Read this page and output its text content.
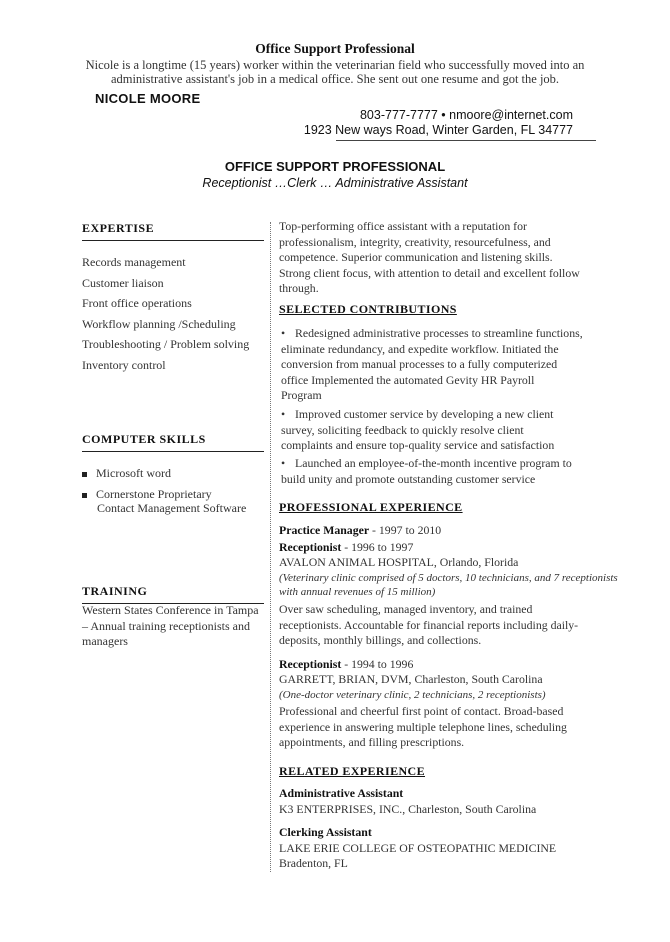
Office Support Professional
Nicole is a longtime (15 years) worker within the veterinarian field who successfully moved into an
administrative assistant's job in a medical office. She sent out one resume and got the job.
NICOLE MOORE
803-777-7777 • nmoore@internet.com
1923 New ways Road, Winter Garden, FL 34777
OFFICE SUPPORT PROFESSIONAL
Receptionist …Clerk … Administrative Assistant
EXPERTISE
Records management
Customer liaison
Front office operations
Workflow planning /Scheduling
Troubleshooting / Problem solving
Inventory control
COMPUTER SKILLS
Microsoft word
Cornerstone Proprietary
Contact Management Software
TRAINING
Western States Conference in Tampa
– Annual training receptionists and
managers
Top-performing office assistant with a reputation for
professionalism, integrity, creativity, resourcefulness, and
competence. Superior communication and listening skills.
Strong client focus, with attention to detail and excellent follow
through.
SELECTED CONTRIBUTIONS
• Redesigned administrative processes to streamline functions,
eliminate redundancy, and expedite workflow. Initiated the
conversion from manual processes to a fully computerized
office Implemented the automated Gevity HR Payroll
Program
• Improved customer service by developing a new client
survey, soliciting feedback to quickly resolve client
complaints and ensure top-quality service and satisfaction
• Launched an employee-of-the-month incentive program to
build unity and promote outstanding customer service
PROFESSIONAL EXPERIENCE
Practice Manager - 1997 to 2010
Receptionist - 1996 to 1997
AVALON ANIMAL HOSPITAL, Orlando, Florida
(Veterinary clinic comprised of 5 doctors, 10 technicians, and 7 receptionists
with annual revenues of 15 million)
Over saw scheduling, managed inventory, and trained
receptionists. Accountable for financial reports including daily-
deposits, monthly billings, and collections.
Receptionist - 1994 to 1996
GARRETT, BRIAN, DVM, Charleston, South Carolina
(One-doctor veterinary clinic, 2 technicians, 2 receptionists)
Professional and cheerful first point of contact. Broad-based
experience in answering multiple telephone lines, scheduling
appointments, and filling prescriptions.
RELATED EXPERIENCE
Administrative Assistant
K3 ENTERPRISES, INC., Charleston, South Carolina
Clerking Assistant
LAKE ERIE COLLEGE OF OSTEOPATHIC MEDICINE
Bradenton, FL
